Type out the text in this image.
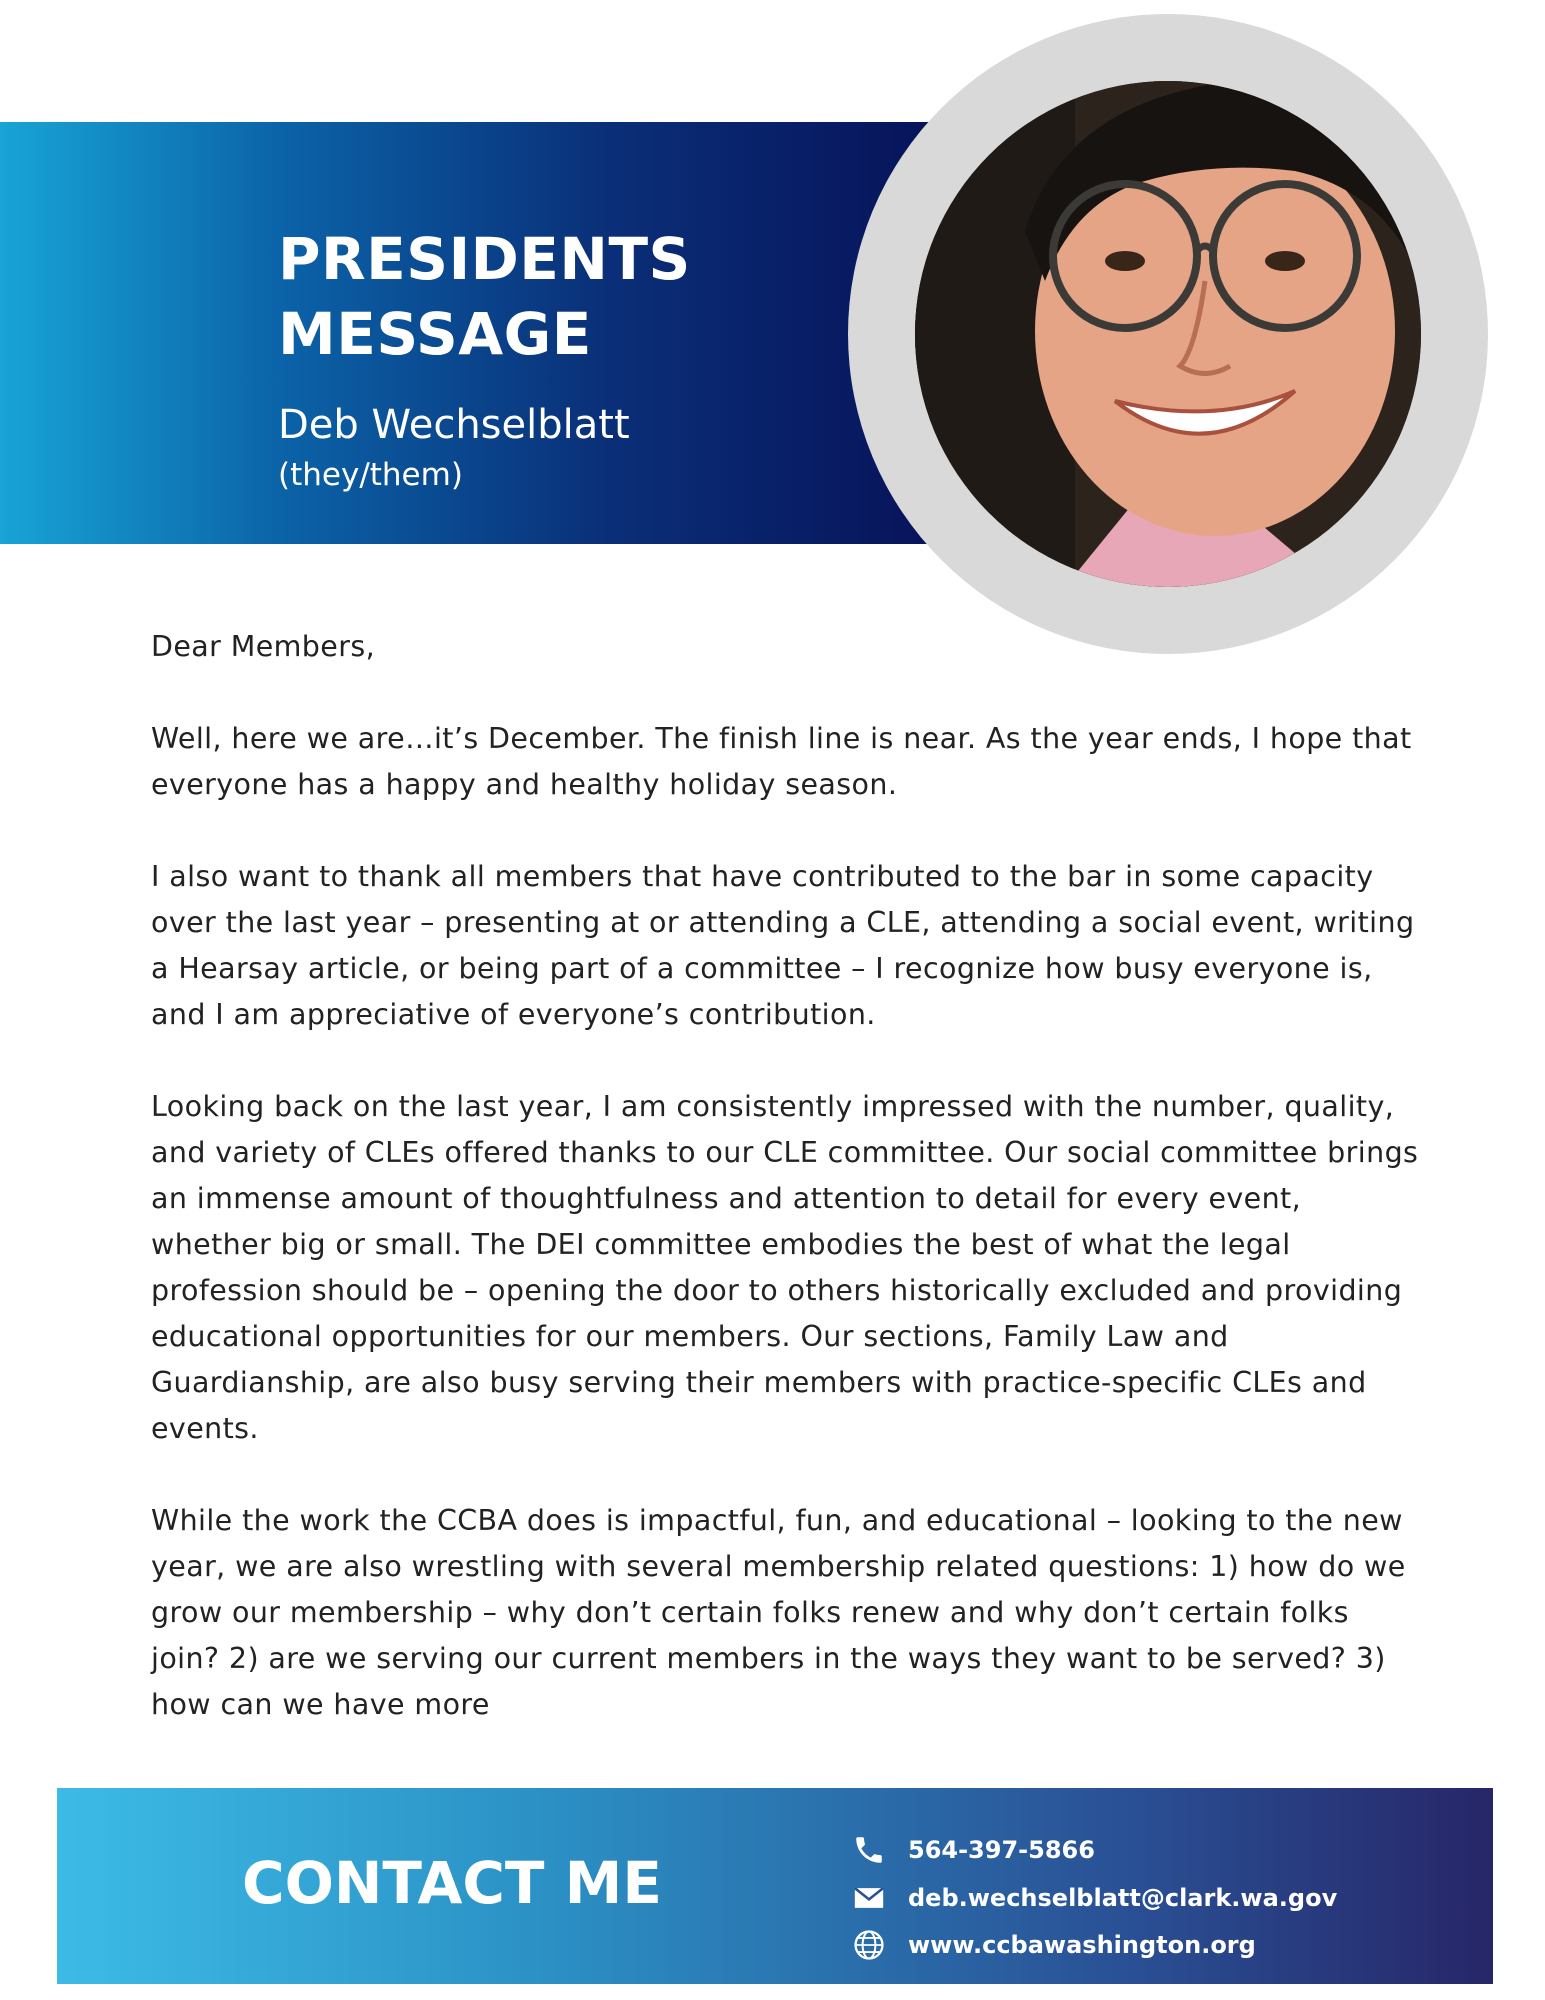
PRESIDENTS
MESSAGE
Deb Wechselblatt
(they/them)

Dear Members,

Well, here we are…it’s December. The finish line is near. As the year ends, I hope that everyone has a happy and healthy holiday season.

I also want to thank all members that have contributed to the bar in some capacity over the last year – presenting at or attending a CLE, attending a social event, writing a Hearsay article, or being part of a committee – I recognize how busy everyone is, and I am appreciative of everyone’s contribution.

Looking back on the last year, I am consistently impressed with the number, quality, and variety of CLEs offered thanks to our CLE committee. Our social committee brings an immense amount of thoughtfulness and attention to detail for every event, whether big or small. The DEI committee embodies the best of what the legal profession should be – opening the door to others historically excluded and providing educational opportunities for our members. Our sections, Family Law and Guardianship, are also busy serving their members with practice-specific CLEs and events.

While the work the CCBA does is impactful, fun, and educational – looking to the new year, we are also wrestling with several membership related questions: 1) how do we grow our membership – why don’t certain folks renew and why don’t certain folks join? 2) are we serving our current members in the ways they want to be served? 3) how can we have more

CONTACT ME	564-397-5866
deb.wechselblatt@clark.wa.gov
www.ccbawashington.org
